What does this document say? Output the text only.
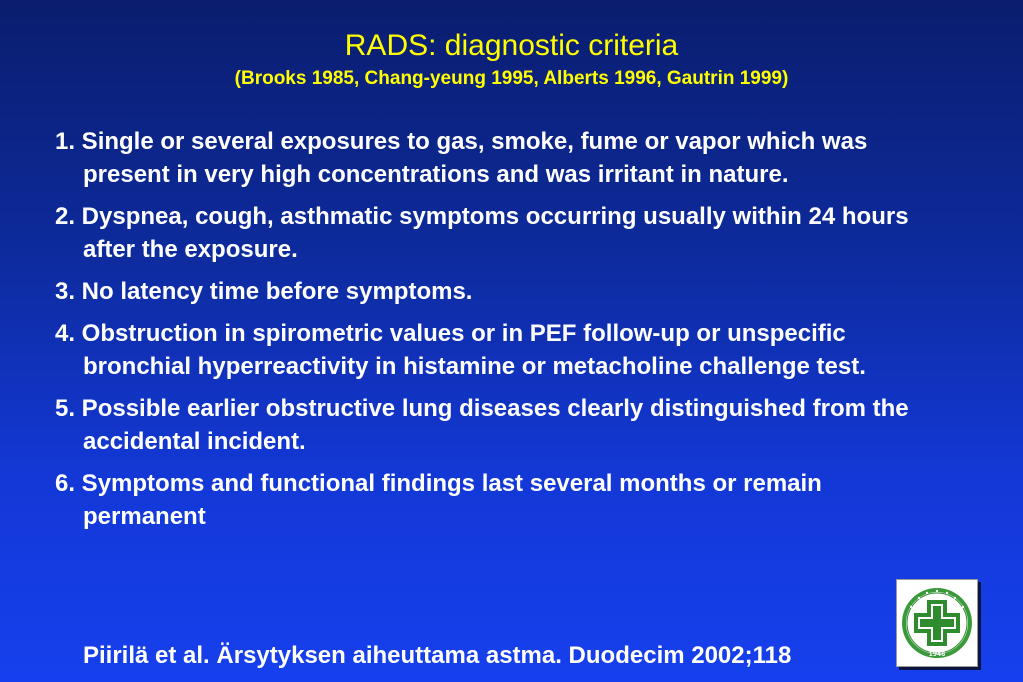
RADS: diagnostic criteria
(Brooks 1985, Chang-yeung 1995, Alberts 1996, Gautrin 1999)
1. Single or several exposures to gas, smoke, fume or vapor which was present in very high concentrations and was irritant in nature.
2. Dyspnea, cough, asthmatic symptoms occurring usually within 24 hours after the exposure.
3. No latency time before symptoms.
4. Obstruction in spirometric values or in PEF follow-up or unspecific bronchial hyperreactivity in histamine or metacholine challenge test.
5. Possible earlier obstructive lung diseases clearly distinguished from the accidental incident.
6. Symptoms and functional findings last several months or remain permanent
Piirilä et al. Ärsytyksen aiheuttama astma. Duodecim 2002;118	1946
